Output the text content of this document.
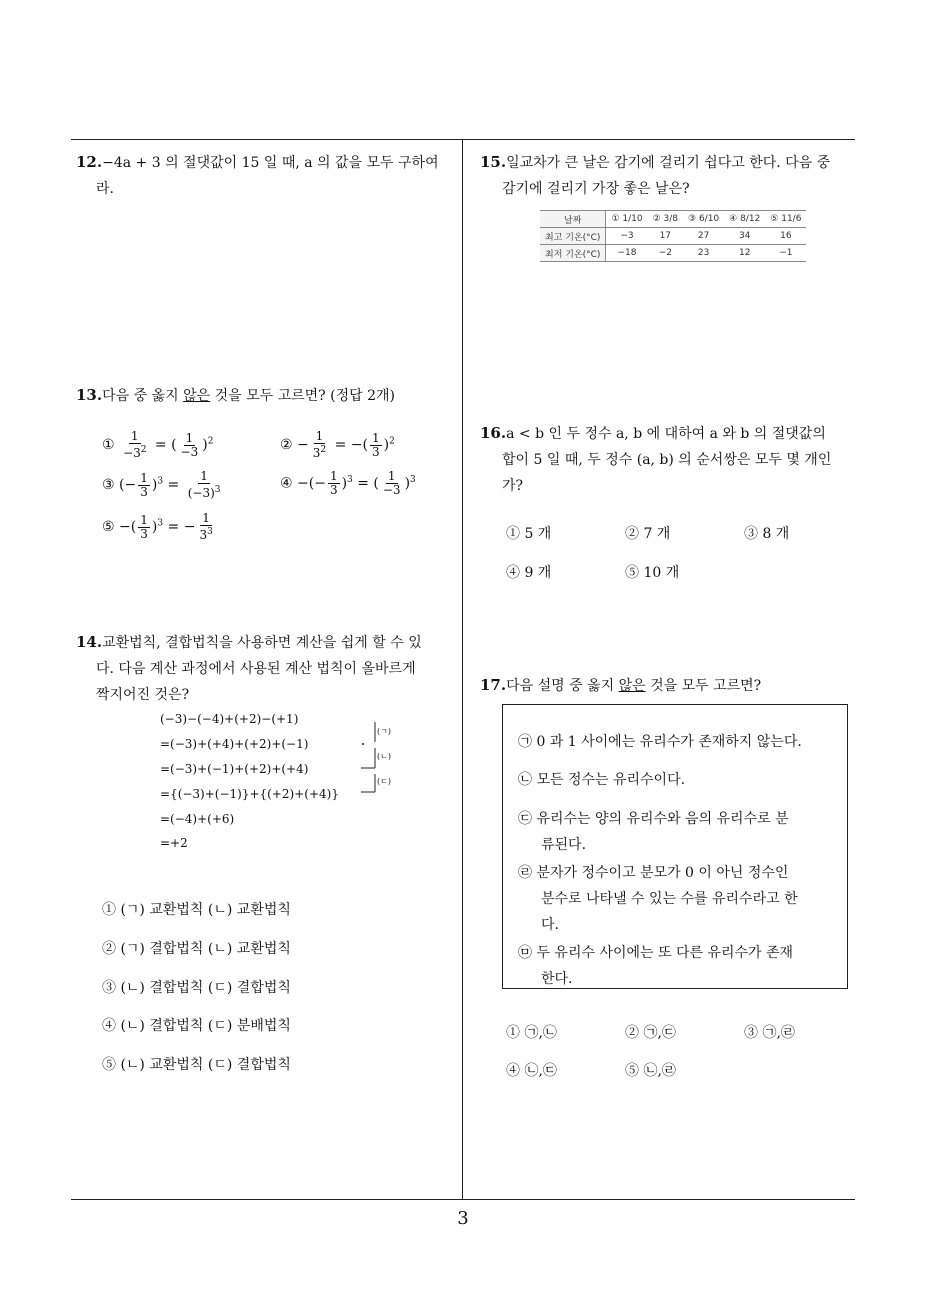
3
12.−4a + 3 의 절댓값이 15 일 때, a 의 값을 모두 구하여
라.
13.다음 중 옳지 않은 것을 모두 고르면? (정답 2개)
① $\frac{1}{-3^2}$ = ( $\frac{1}{-3} )^2$	② − $\frac{1}{3^2}$ = −( $\frac{1}{3} )^2$
③ (− $\frac{1}{3} )^3 = \frac{1}{(-3)^3}$	④ −(− $\frac{1}{3} )^3$ = ( $\frac{1}{-3} )^3$
⑤ −( $\frac{1}{3} )^3$ = − $\frac{1}{3^3}$
14.교환법칙, 결합법칙을 사용하면 계산을 쉽게 할 수 있
다. 다음 계산 과정에서 사용된 계산 법칙이 올바르게
짝지어진 것은?
(−3)−(−4)+(+2)−(+1)
=(−3)+(+4)+(+2)+(−1)
=(−3)+(−1)+(+2)+(+4)
={(−3)+(−1)}+{(+2)+(+4)}
=(−4)+(+6)
=+2
(ㄱ)
(ㄴ)
(ㄷ)
① (ㄱ) 교환법칙 (ㄴ) 교환법칙
② (ㄱ) 결합법칙 (ㄴ) 교환법칙
③ (ㄴ) 결합법칙 (ㄷ) 결합법칙
④ (ㄴ) 결합법칙 (ㄷ) 분배법칙
⑤ (ㄴ) 교환법칙 (ㄷ) 결합법칙
15.일교차가 큰 날은 감기에 걸리기 쉽다고 한다. 다음 중
감기에 걸리기 가장 좋은 날은?
날짜	① 1/10	② 3/8	③ 6/10	④ 8/12	⑤ 11/6
최고 기온(°C)	−3	17	27	34	16
최저 기온(°C)	−18	−2	23	12	−1
16.a < b 인 두 정수 a, b 에 대하여 a 와 b 의 절댓값의
합이 5 일 때, 두 정수 (a, b) 의 순서쌍은 모두 몇 개인
가?
① 5 개	② 7 개	③ 8 개
④ 9 개	⑤ 10 개
17.다음 설명 중 옳지 않은 것을 모두 고르면?
㉠ 0 과 1 사이에는 유리수가 존재하지 않는다.
㉡ 모든 정수는 유리수이다.
㉢ 유리수는 양의 유리수와 음의 유리수로 분
류된다.
㉣ 분자가 정수이고 분모가 0 이 아닌 정수인
분수로 나타낼 수 있는 수를 유리수라고 한
다.
㉤ 두 유리수 사이에는 또 다른 유리수가 존재
한다.
① ㉠,㉡	② ㉠,㉢	③ ㉠,㉣
④ ㉡,㉢	⑤ ㉡,㉣
